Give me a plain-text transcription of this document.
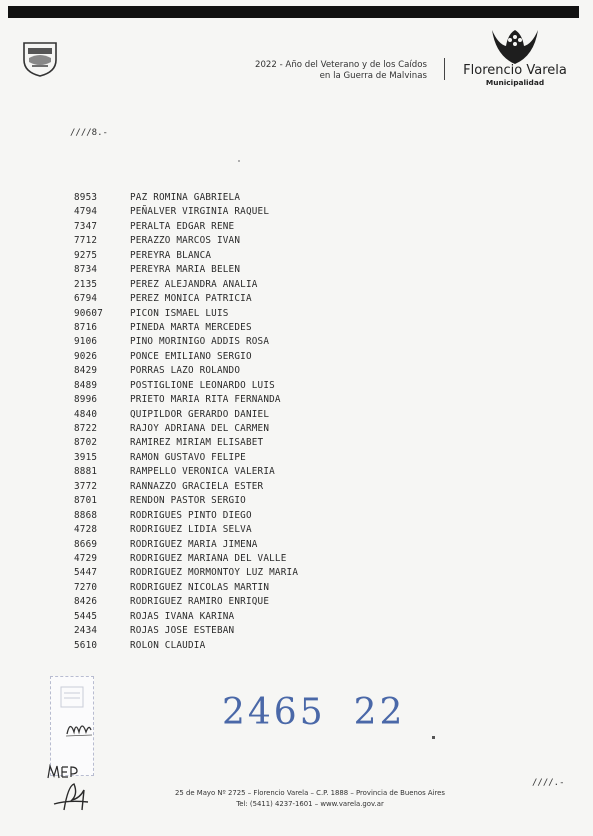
2022 - Año del Veterano y de los Caídos
en la Guerra de Malvinas	Florencio Varela
Municipalidad
////8.-
8953	PAZ ROMINA GABRIELA
4794	PEÑALVER VIRGINIA RAQUEL
7347	PERALTA EDGAR RENE
7712	PERAZZO MARCOS IVAN
9275	PEREYRA BLANCA
8734	PEREYRA MARIA BELEN
2135	PEREZ ALEJANDRA ANALIA
6794	PEREZ MONICA PATRICIA
90607	PICON ISMAEL LUIS
8716	PINEDA MARTA MERCEDES
9106	PINO MORINIGO ADDIS ROSA
9026	PONCE EMILIANO SERGIO
8429	PORRAS LAZO ROLANDO
8489	POSTIGLIONE LEONARDO LUIS
8996	PRIETO MARIA RITA FERNANDA
4840	QUIPILDOR GERARDO DANIEL
8722	RAJOY ADRIANA DEL CARMEN
8702	RAMIREZ MIRIAM ELISABET
3915	RAMON GUSTAVO FELIPE
8881	RAMPELLO VERONICA VALERIA
3772	RANNAZZO GRACIELA ESTER
8701	RENDON PASTOR SERGIO
8868	RODRIGUES PINTO DIEGO
4728	RODRIGUEZ LIDIA SELVA
8669	RODRIGUEZ MARIA JIMENA
4729	RODRIGUEZ MARIANA DEL VALLE
5447	RODRIGUEZ MORMONTOY LUZ MARIA
7270	RODRIGUEZ NICOLAS MARTIN
8426	RODRIGUEZ RAMIRO ENRIQUE
5445	ROJAS IVANA KARINA
2434	ROJAS JOSE ESTEBAN
5610	ROLON CLAUDIA
2465 22
////.-
25 de Mayo Nº 2725 – Florencio Varela – C.P. 1888 – Provincia de Buenos Aires
Tel: (5411) 4237-1601 – www.varela.gov.ar
